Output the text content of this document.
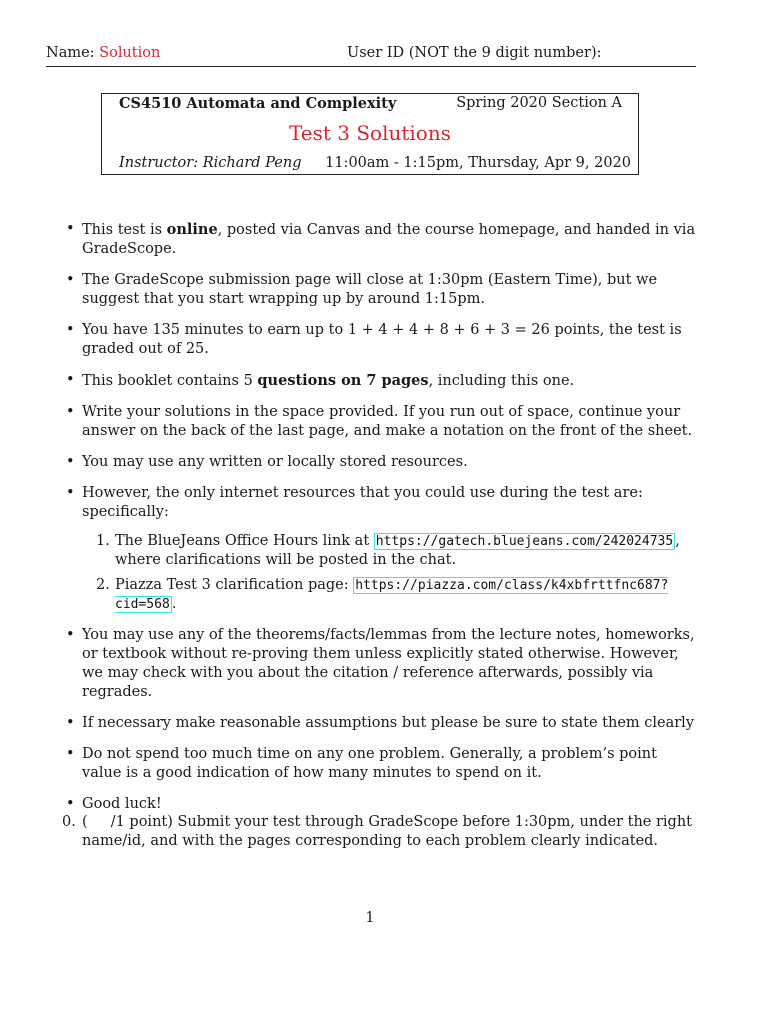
Name: Solution	User ID (NOT the 9 digit number):
CS4510 Automata and Complexity	Spring 2020 Section A
Test 3 Solutions
Instructor: Richard Peng 11:00am - 1:15pm, Thursday, Apr 9, 2020
• This test is online, posted via Canvas and the course homepage, and handed in via GradeScope.
• The GradeScope submission page will close at 1:30pm (Eastern Time), but we suggest that you start wrapping up by around 1:15pm.
• You have 135 minutes to earn up to 1 + 4 + 4 + 8 + 6 + 3 = 26 points, the test is graded out of 25.
• This booklet contains 5 questions on 7 pages, including this one.
• Write your solutions in the space provided. If you run out of space, continue your answer on the back of the last page, and make a notation on the front of the sheet.
• You may use any written or locally stored resources.
• However, the only internet resources that you could use during the test are: specifically:
1. The BlueJeans Office Hours link at https://gatech.bluejeans.com/242024735 , where clarifications will be posted in the chat.
2. Piazza Test 3 clarification page: https://piazza.com/class/k4xbfrttfnc687?cid=568 .
• You may use any of the theorems/facts/lemmas from the lecture notes, homeworks, or textbook without re-proving them unless explicitly stated otherwise. However, we may check with you about the citation / reference afterwards, possibly via regrades.
• If necessary make reasonable assumptions but please be sure to state them clearly
• Do not spend too much time on any one problem. Generally, a problem’s point value is a good indication of how many minutes to spend on it.
• Good luck!
0. (     /1 point) Submit your test through GradeScope before 1:30pm, under the right name/id, and with the pages corresponding to each problem clearly indicated.
1
